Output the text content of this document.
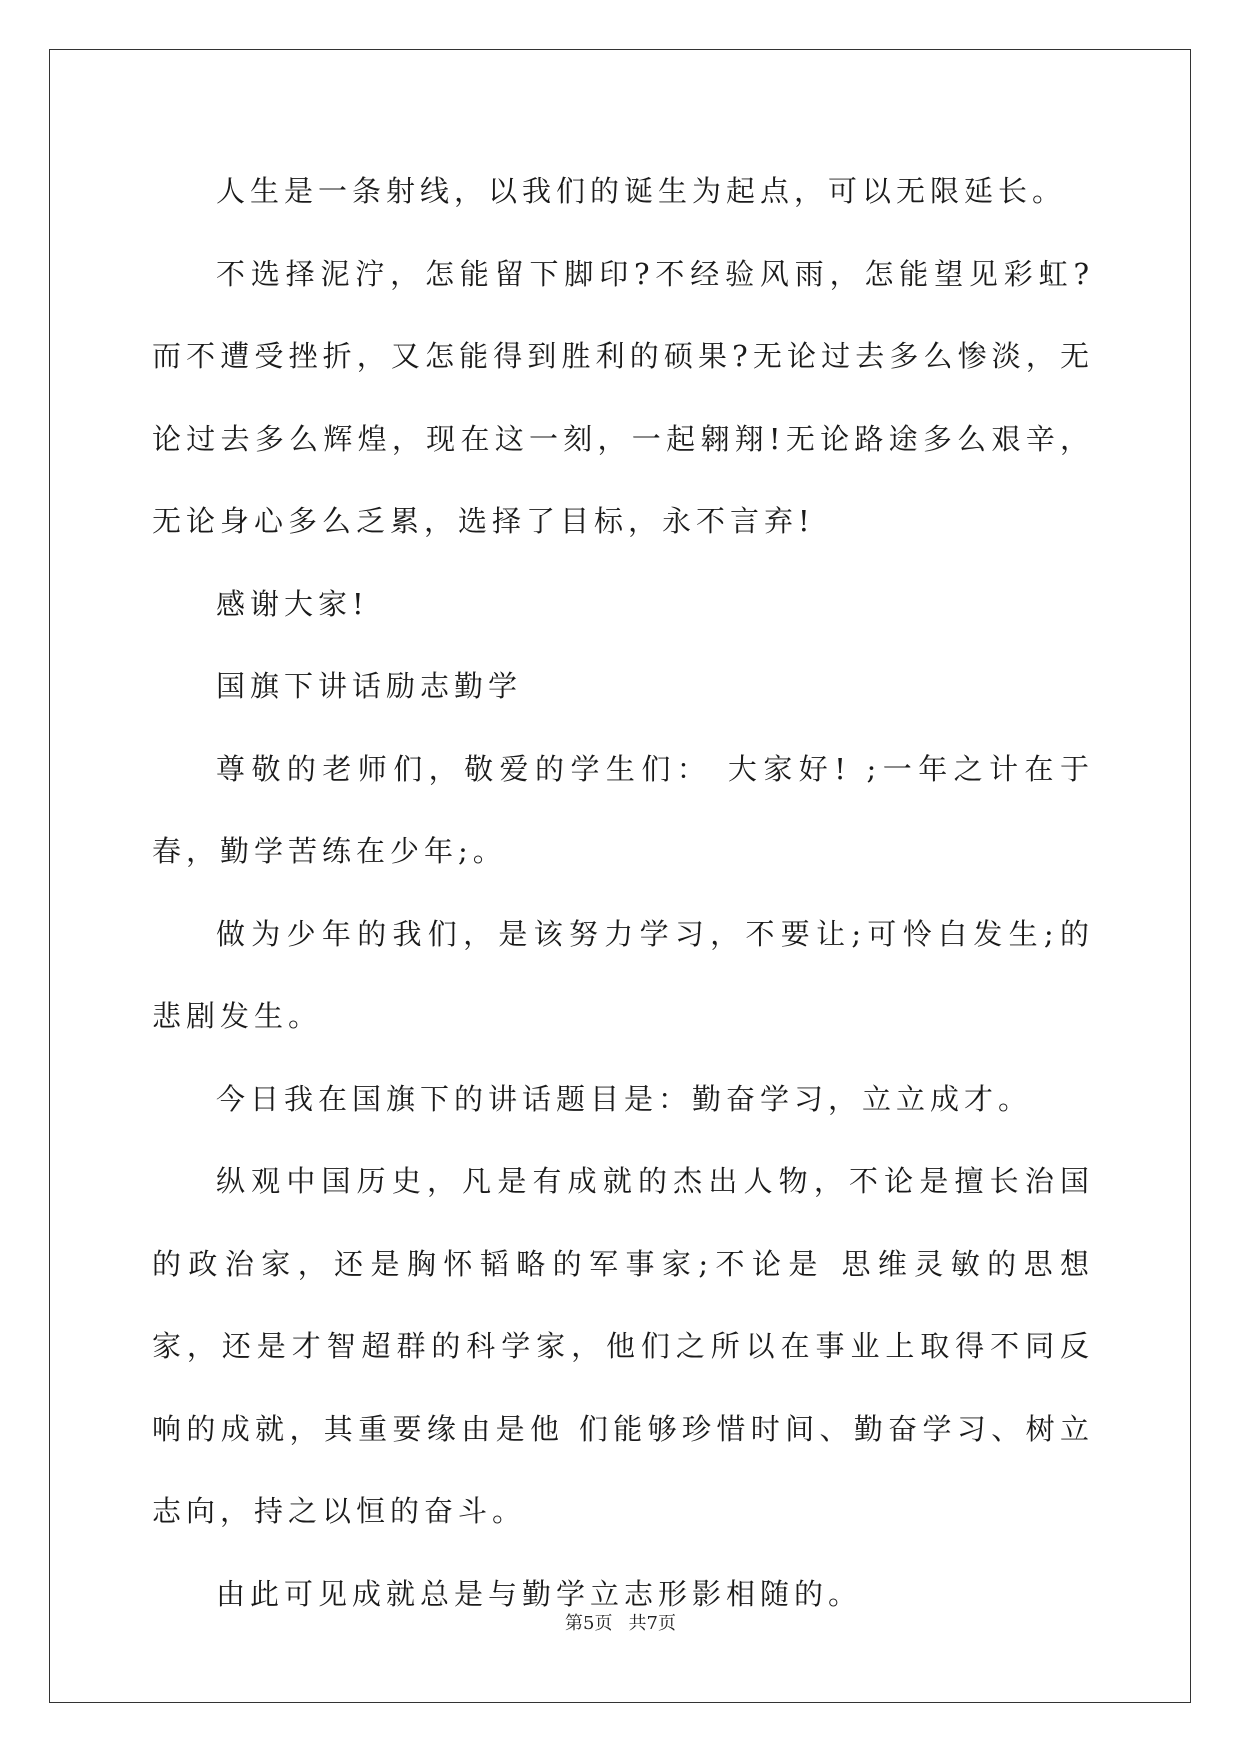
人生是一条射线，以我们的诞生为起点，可以无限延长。

不选择泥泞，怎能留下脚印?不经验风雨，怎能望见彩虹?而不遭受挫折，又怎能得到胜利的硕果?无论过去多么惨淡，无论过去多么辉煌，现在这一刻，一起翱翔!无论路途多么艰辛，无论身心多么乏累，选择了目标，永不言弃!

感谢大家!

国旗下讲话励志勤学

尊敬的老师们，敬爱的学生们： 大家好! ;一年之计在于春，勤学苦练在少年;。

做为少年的我们，是该努力学习，不要让;可怜白发生;的 悲剧发生。

今日我在国旗下的讲话题目是：勤奋学习，立立成才。

纵观中国历史，凡是有成就的杰出人物，不论是擅长治国的政治家，还是胸怀韬略的军事家;不论是 思维灵敏的思想家，还是才智超群的科学家，他们之所以在事业上取得不同反响的成就，其重要缘由是他 们能够珍惜时间、勤奋学习、树立志向，持之以恒的奋斗。

由此可见成就总是与勤学立志形影相随的。

第5页 共7页
